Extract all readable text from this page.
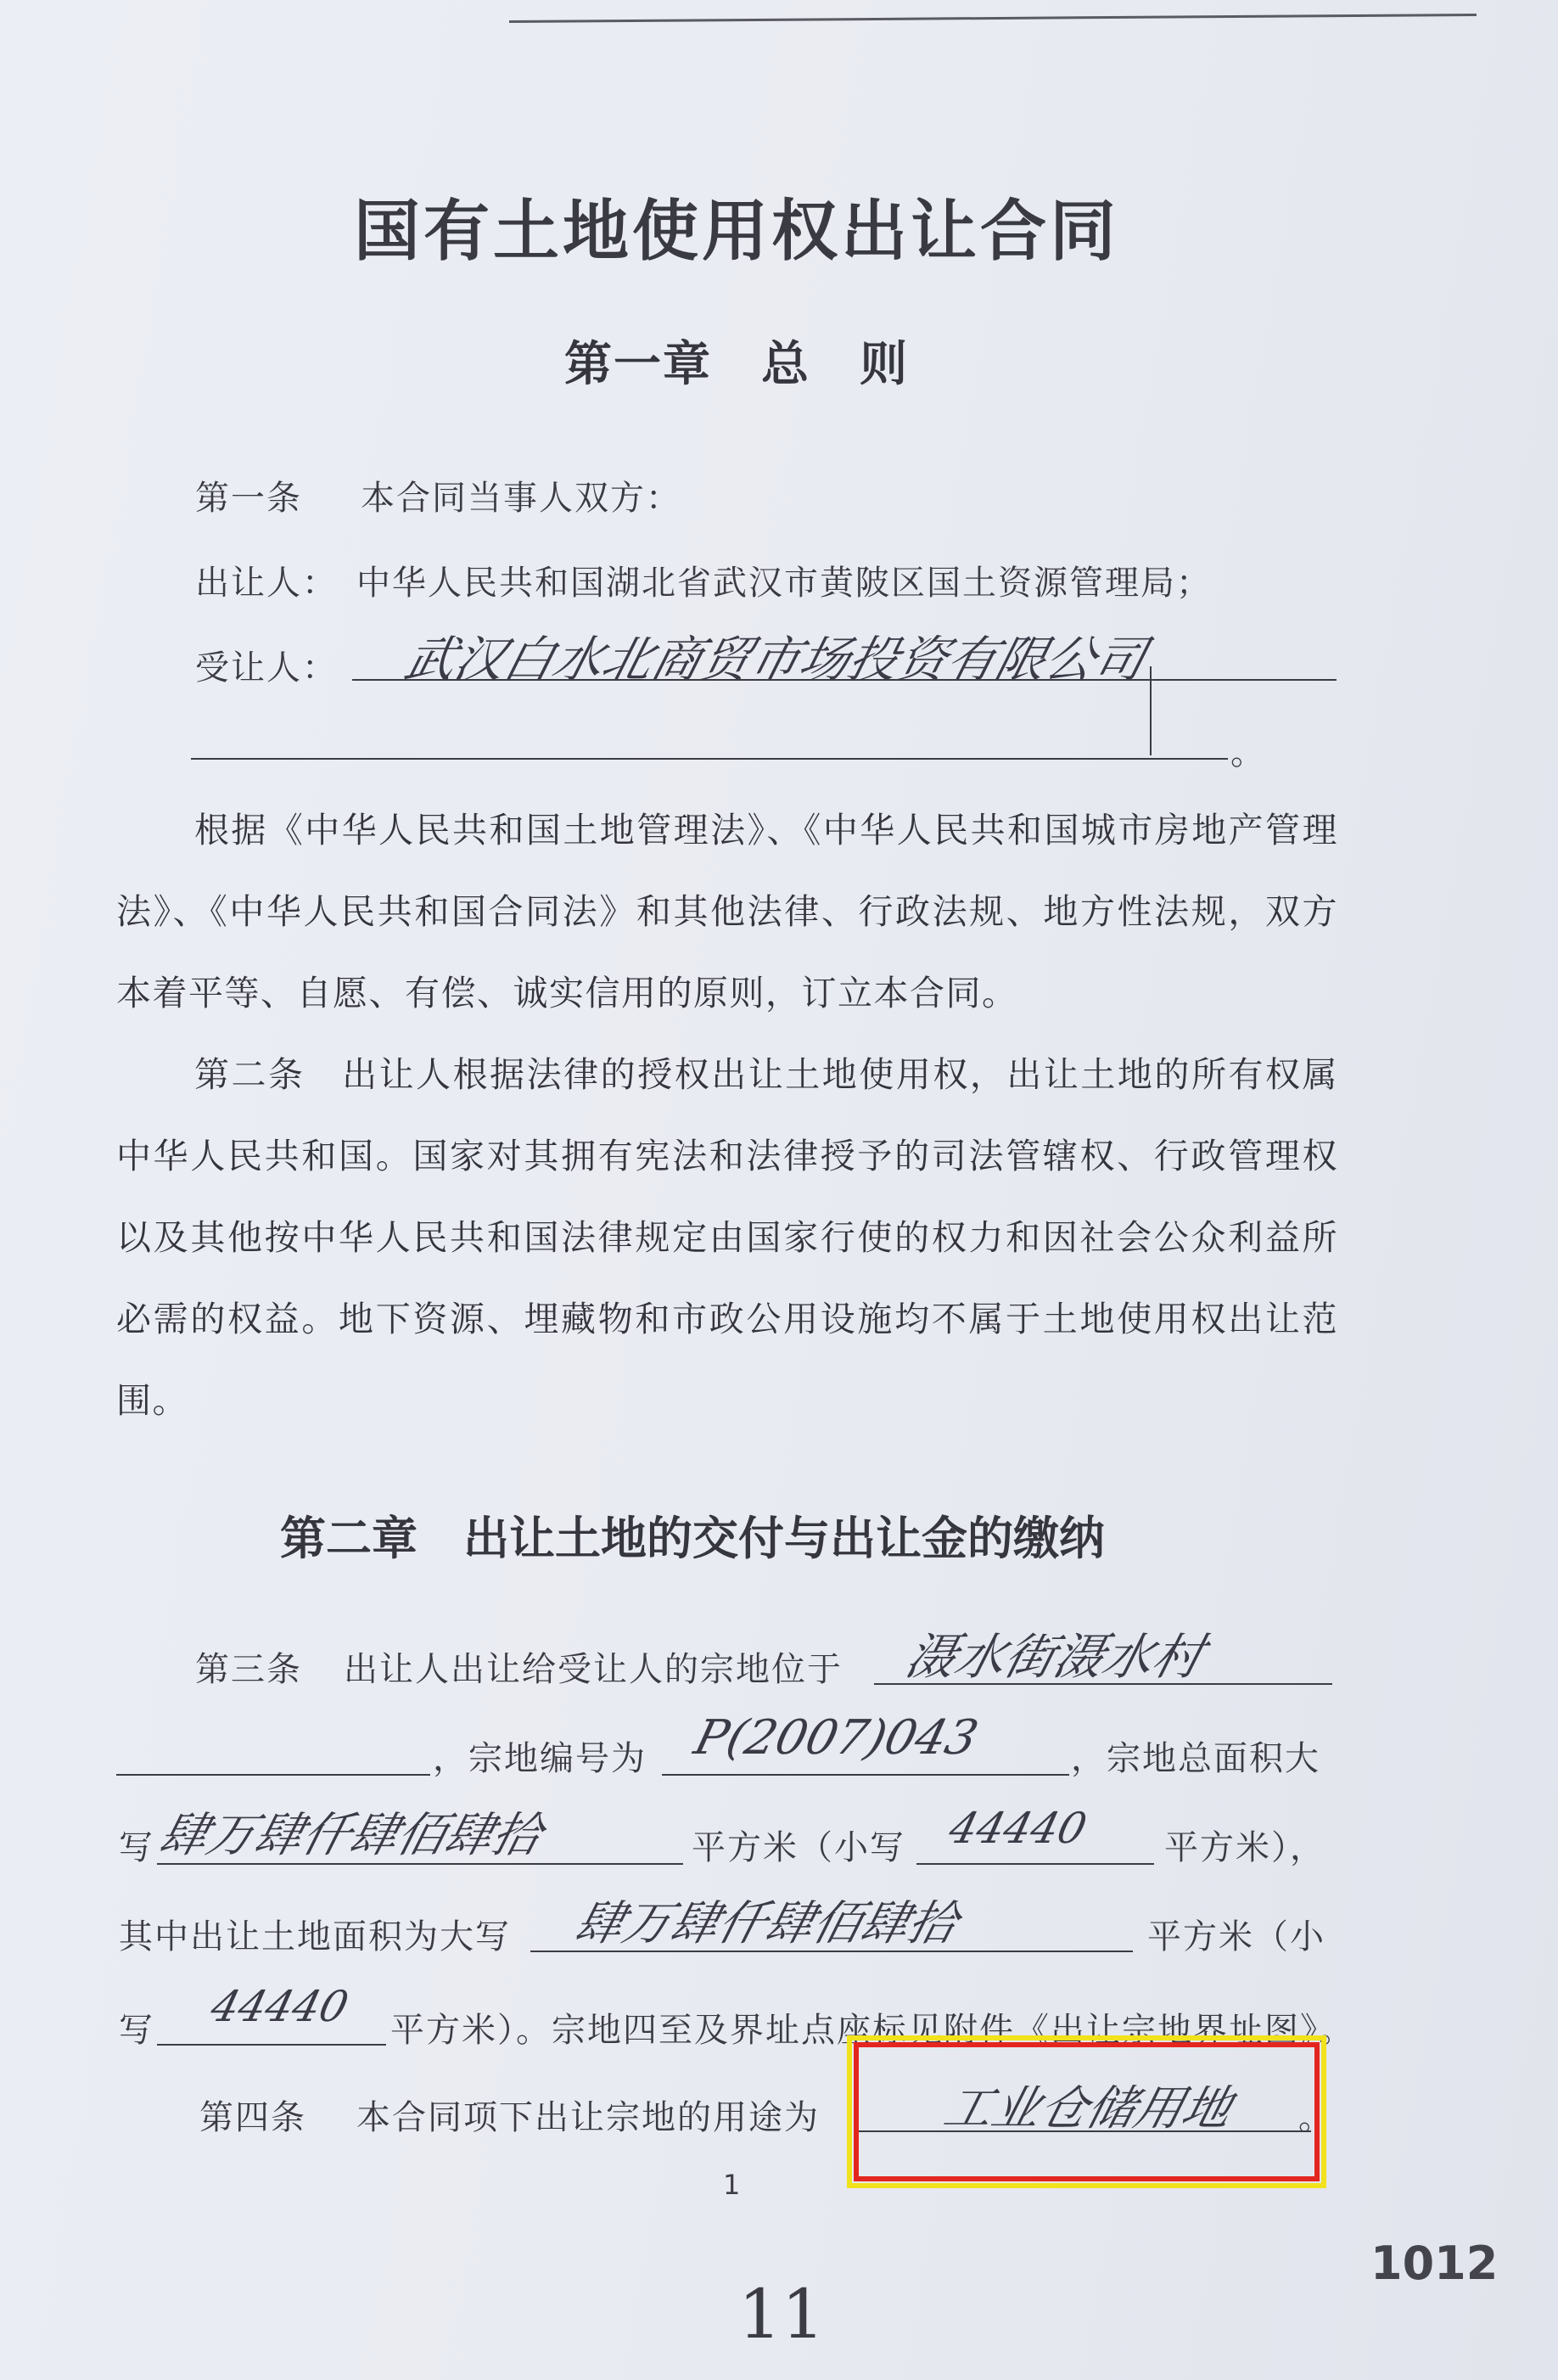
国有土地使用权出让合同
第一章　总　则
第一条 本合同当事人双方：
出让人： 中华人民共和国湖北省武汉市黄陂区国土资源管理局；
受让人： 武汉白水北商贸市场投资有限公司
。
根据《中华人民共和国土地管理法》、《中华人民共和国城市房地产管理法》、《中华人民共和国合同法》和其他法律、行政法规、地方性法规，双方本着平等、自愿、有偿、诚实信用的原则，订立本合同。
第二条　出让人根据法律的授权出让土地使用权，出让土地的所有权属中华人民共和国。国家对其拥有宪法和法律授予的司法管辖权、行政管理权以及其他按中华人民共和国法律规定由国家行使的权力和因社会公众利益所必需的权益。地下资源、埋藏物和市政公用设施均不属于土地使用权出让范围。
第二章　出让土地的交付与出让金的缴纳
第三条 出让人出让给受让人的宗地位于 滠水街滠水村
，宗地编号为 P(2007)043	，宗地总面积大
写
肆万肆仟肆佰肆拾	平方米（小写 44440 平方米），
其中出让土地面积为大写 肆万肆仟肆佰肆拾	平方米（小
写 44440 平方米）。宗地四至及界址点座标见附件《出让宗地界址图》。
第四条 本合同项下出让宗地的用途为 工业仓储用地 。
1
11
1012
